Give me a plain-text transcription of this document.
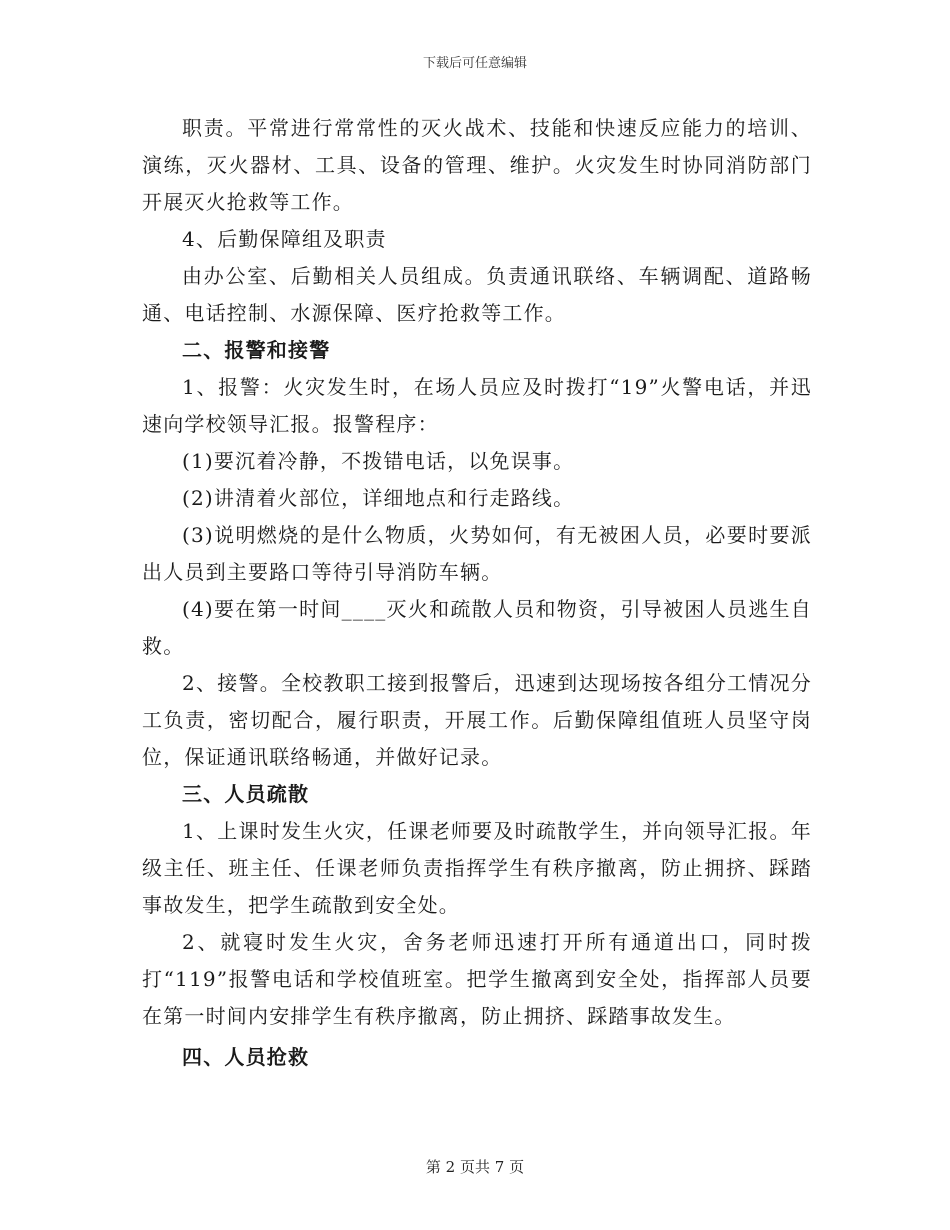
下载后可任意编辑

职责。平常进行常常性的灭火战术、技能和快速反应能力的培训、演练，灭火器材、工具、设备的管理、维护。火灾发生时协同消防部门开展灭火抢救等工作。

4、后勤保障组及职责

由办公室、后勤相关人员组成。负责通讯联络、车辆调配、道路畅通、电话控制、水源保障、医疗抢救等工作。

二、报警和接警

1、报警：火灾发生时，在场人员应及时拨打“19”火警电话，并迅速向学校领导汇报。报警程序：

(1)要沉着冷静，不拨错电话，以免误事。

(2)讲清着火部位，详细地点和行走路线。

(3)说明燃烧的是什么物质，火势如何，有无被困人员，必要时要派出人员到主要路口等待引导消防车辆。

(4)要在第一时间____灭火和疏散人员和物资，引导被困人员逃生自救。

2、接警。全校教职工接到报警后，迅速到达现场按各组分工情况分工负责，密切配合，履行职责，开展工作。后勤保障组值班人员坚守岗位，保证通讯联络畅通，并做好记录。

三、人员疏散

1、上课时发生火灾，任课老师要及时疏散学生，并向领导汇报。年级主任、班主任、任课老师负责指挥学生有秩序撤离，防止拥挤、踩踏事故发生，把学生疏散到安全处。

2、就寝时发生火灾，舍务老师迅速打开所有通道出口，同时拨打“119”报警电话和学校值班室。把学生撤离到安全处，指挥部人员要在第一时间内安排学生有秩序撤离，防止拥挤、踩踏事故发生。

四、人员抢救

第 2 页共 7 页
